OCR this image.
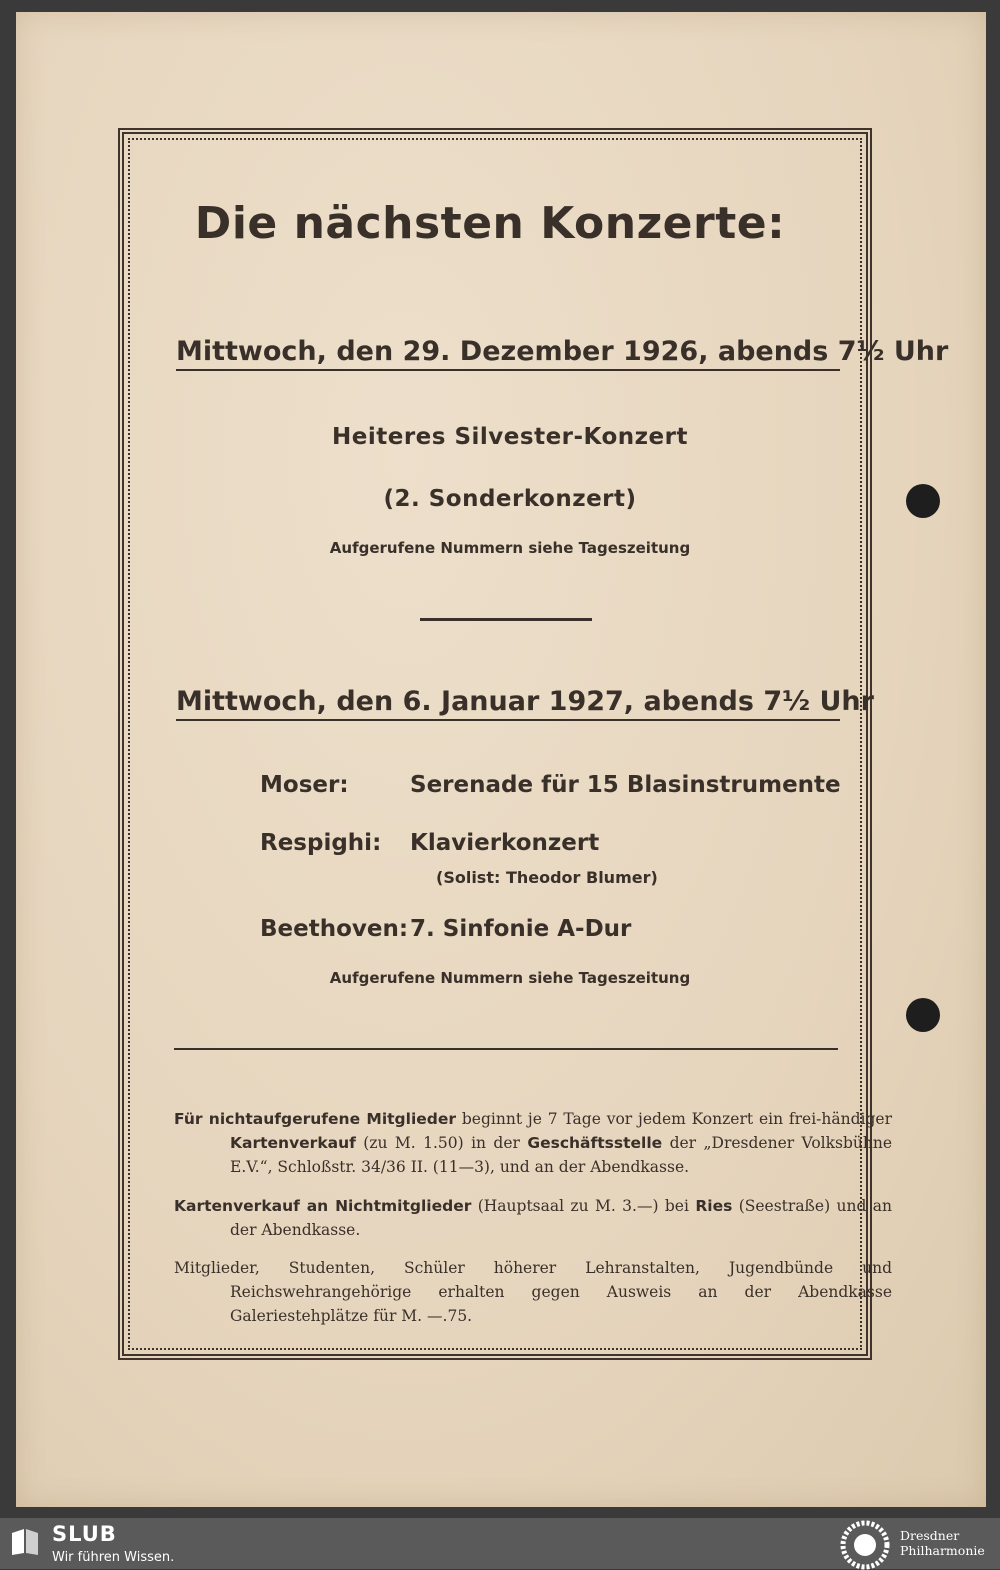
Die nächsten Konzerte:
Mittwoch, den 29. Dezember 1926, abends 7½ Uhr
Heiteres Silvester-Konzert
(2. Sonderkonzert)
Aufgerufene Nummern siehe Tageszeitung
Mittwoch, den 6. Januar 1927, abends 7½ Uhr
Moser:	Serenade für 15 Blasinstrumente
Respighi: Klavierkonzert
(Solist: Theodor Blumer)
Beethoven: 7. Sinfonie A-Dur
Aufgerufene Nummern siehe Tageszeitung
Für nichtaufgerufene Mitglieder beginnt je 7 Tage vor jedem Konzert ein frei-händiger Kartenverkauf (zu M. 1.50) in der Geschäftsstelle der „Dresdener Volksbühne E.V.“, Schloßstr. 34/36 II. (11—3), und an der Abendkasse.
Kartenverkauf an Nichtmitglieder (Hauptsaal zu M. 3.—) bei Ries (Seestraße) und an der Abendkasse.
Mitglieder, Studenten, Schüler höherer Lehranstalten, Jugendbünde und Reichswehrangehörige erhalten gegen Ausweis an der Abendkasse Galeriestehplätze für M. —.75.
SLUB
Wir führen Wissen.
Dresdner
Philharmonie
